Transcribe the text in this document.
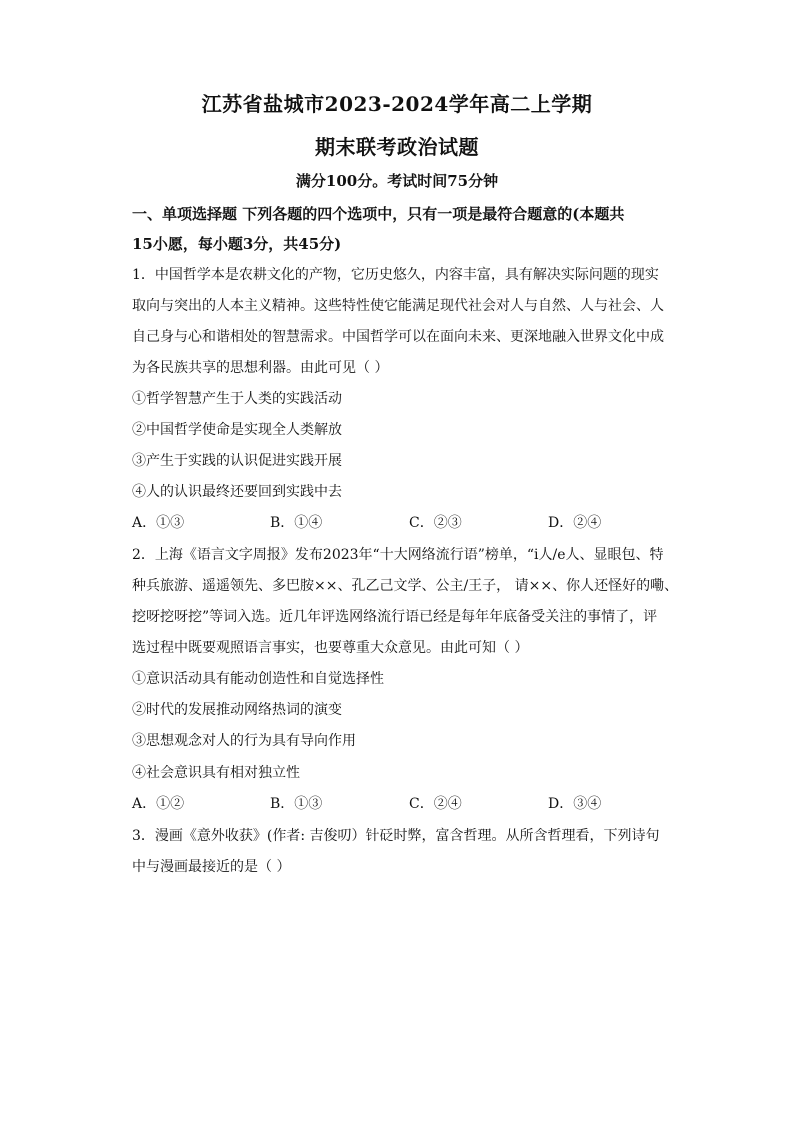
江苏省盐城市2023-2024学年高二上学期
期末联考政治试题
满分100分。考试时间75分钟
一、单项选择题 下列各题的四个选项中，只有一项是最符合题意的(本题共
15小愿，每小题3分，共45分)
1．中国哲学本是农耕文化的产物，它历史悠久，内容丰富，具有解决实际问题的现实
取向与突出的人本主义精神。这些特性使它能满足现代社会对人与自然、人与社会、人
自己身与心和谐相处的智慧需求。中国哲学可以在面向未来、更深地融入世界文化中成
为各民族共享的思想利器。由此可见（ ）
①哲学智慧产生于人类的实践活动
②中国哲学使命是实现全人类解放
③产生于实践的认识促进实践开展
④人的认识最终还要回到实践中去
A．①③	B．①④	C．②③	D．②④
2．上海《语言文字周报》发布2023年“十大网络流行语”榜单，“i人/e人、显眼包、特
种兵旅游、遥遥领先、多巴胺××、孔乙己文学、公主/王子， 请××、你人还怪好的嘞、
挖呀挖呀挖”等词入选。近几年评选网络流行语已经是每年年底备受关注的事情了，评
选过程中既要观照语言事实，也要尊重大众意见。由此可知（ ）
①意识活动具有能动创造性和自觉选择性
②时代的发展推动网络热词的演变
③思想观念对人的行为具有导向作用
④社会意识具有相对独立性
A．①②	B．①③	C．②④	D．③④
3．漫画《意外收获》(作者: 吉俊叨）针砭时弊，富含哲理。从所含哲理看，下列诗句
中与漫画最接近的是（ ）
